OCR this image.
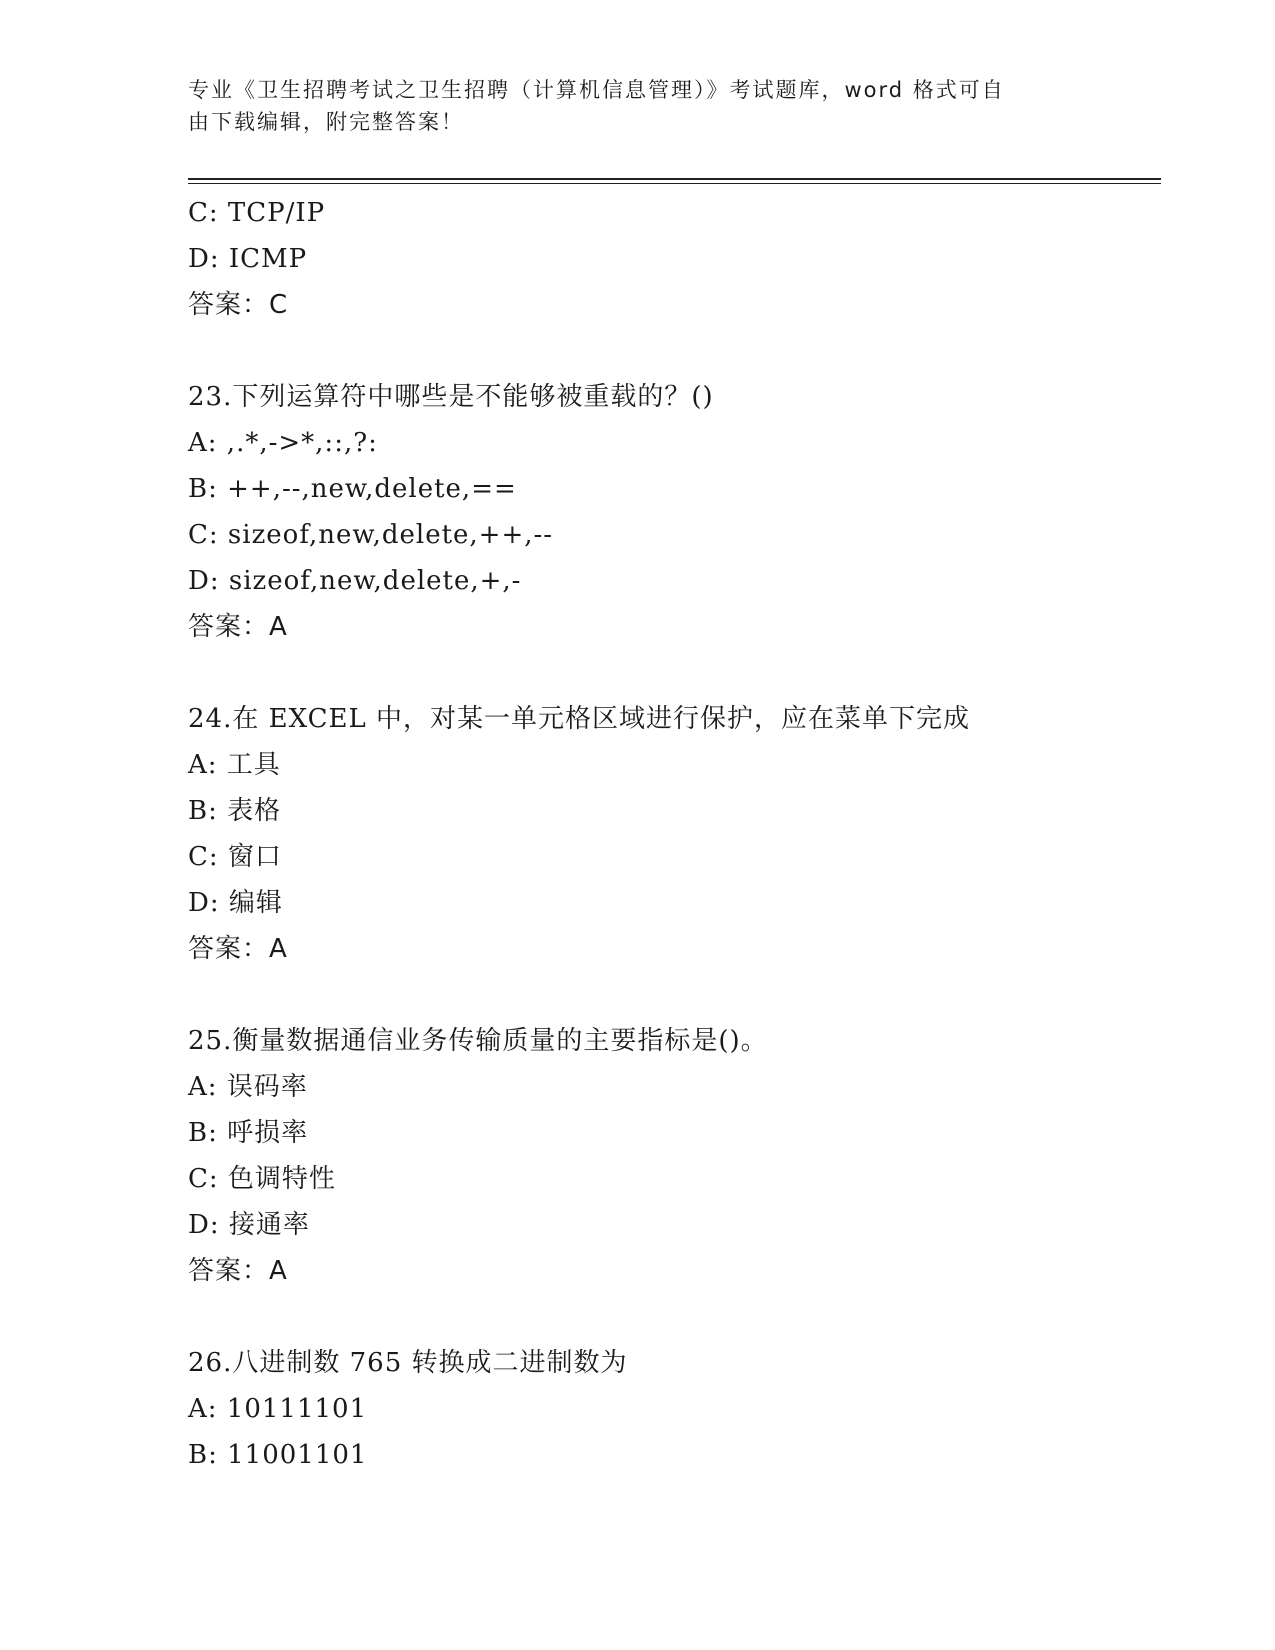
专业《卫生招聘考试之卫生招聘（计算机信息管理）》考试题库，word 格式可自
由下载编辑，附完整答案！
C: TCP/IP
D: ICMP
答案：C
23.下列运算符中哪些是不能够被重载的？()
A: ,.*,->*,::,?:
B: ++,--,new,delete,==
C: sizeof,new,delete,++,--
D: sizeof,new,delete,+,-
答案：A
24.在 EXCEL 中，对某一单元格区域进行保护，应在菜单下完成
A: 工具
B: 表格
C: 窗口
D: 编辑
答案：A
25.衡量数据通信业务传输质量的主要指标是()。
A: 误码率
B: 呼损率
C: 色调特性
D: 接通率
答案：A
26.八进制数 765 转换成二进制数为
A: 10111101
B: 11001101
